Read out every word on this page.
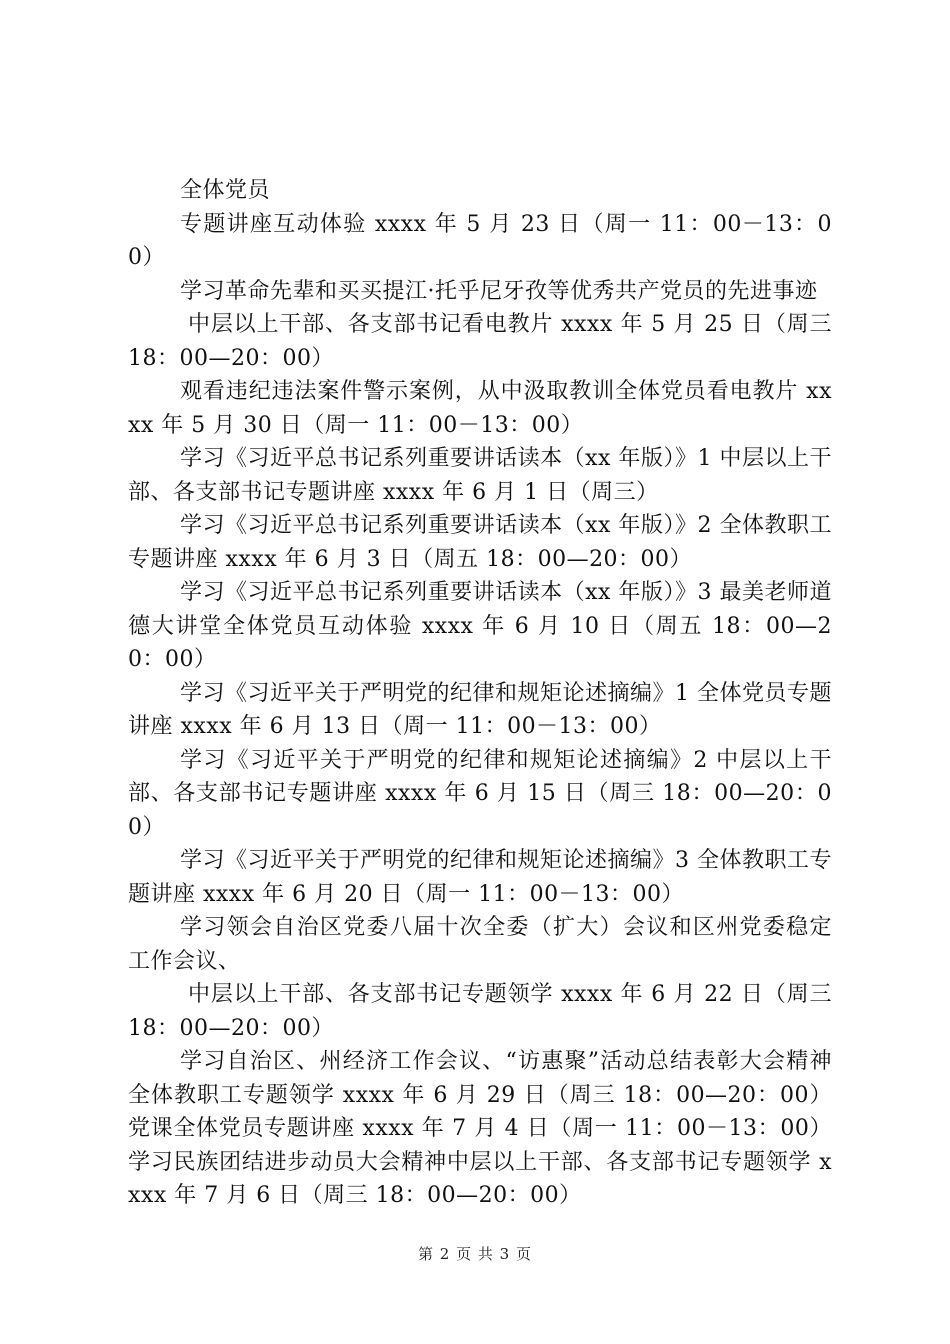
全体党员

专题讲座互动体验 xxxx 年 5 月 23 日（周一 11：00－13：00）

学习革命先辈和买买提江·托乎尼牙孜等优秀共产党员的先进事迹

中层以上干部、各支部书记看电教片 xxxx 年 5 月 25 日（周三 18：00—20：00）

观看违纪违法案件警示案例，从中汲取教训全体党员看电教片 xxxx 年 5 月 30 日（周一 11：00－13：00）

学习《习近平总书记系列重要讲话读本（xx 年版）》1 中层以上干部、各支部书记专题讲座 xxxx 年 6 月 1 日（周三）

学习《习近平总书记系列重要讲话读本（xx 年版）》2 全体教职工专题讲座 xxxx 年 6 月 3 日（周五 18：00—20：00）

学习《习近平总书记系列重要讲话读本（xx 年版）》3 最美老师道德大讲堂全体党员互动体验 xxxx 年 6 月 10 日（周五 18：00—20：00）

学习《习近平关于严明党的纪律和规矩论述摘编》1 全体党员专题讲座 xxxx 年 6 月 13 日（周一 11：00－13：00）

学习《习近平关于严明党的纪律和规矩论述摘编》2 中层以上干部、各支部书记专题讲座 xxxx 年 6 月 15 日（周三 18：00—20：00）

学习《习近平关于严明党的纪律和规矩论述摘编》3 全体教职工专题讲座 xxxx 年 6 月 20 日（周一 11：00－13：00）

学习领会自治区党委八届十次全委（扩大）会议和区州党委稳定工作会议、

中层以上干部、各支部书记专题领学 xxxx 年 6 月 22 日（周三 18：00—20：00）

学习自治区、州经济工作会议、“访惠聚”活动总结表彰大会精神全体教职工专题领学 xxxx 年 6 月 29 日（周三 18：00—20：00）党课全体党员专题讲座 xxxx 年 7 月 4 日（周一 11：00－13：00）学习民族团结进步动员大会精神中层以上干部、各支部书记专题领学 xxxx 年 7 月 6 日（周三 18：00—20：00）

第 2 页 共 3 页
